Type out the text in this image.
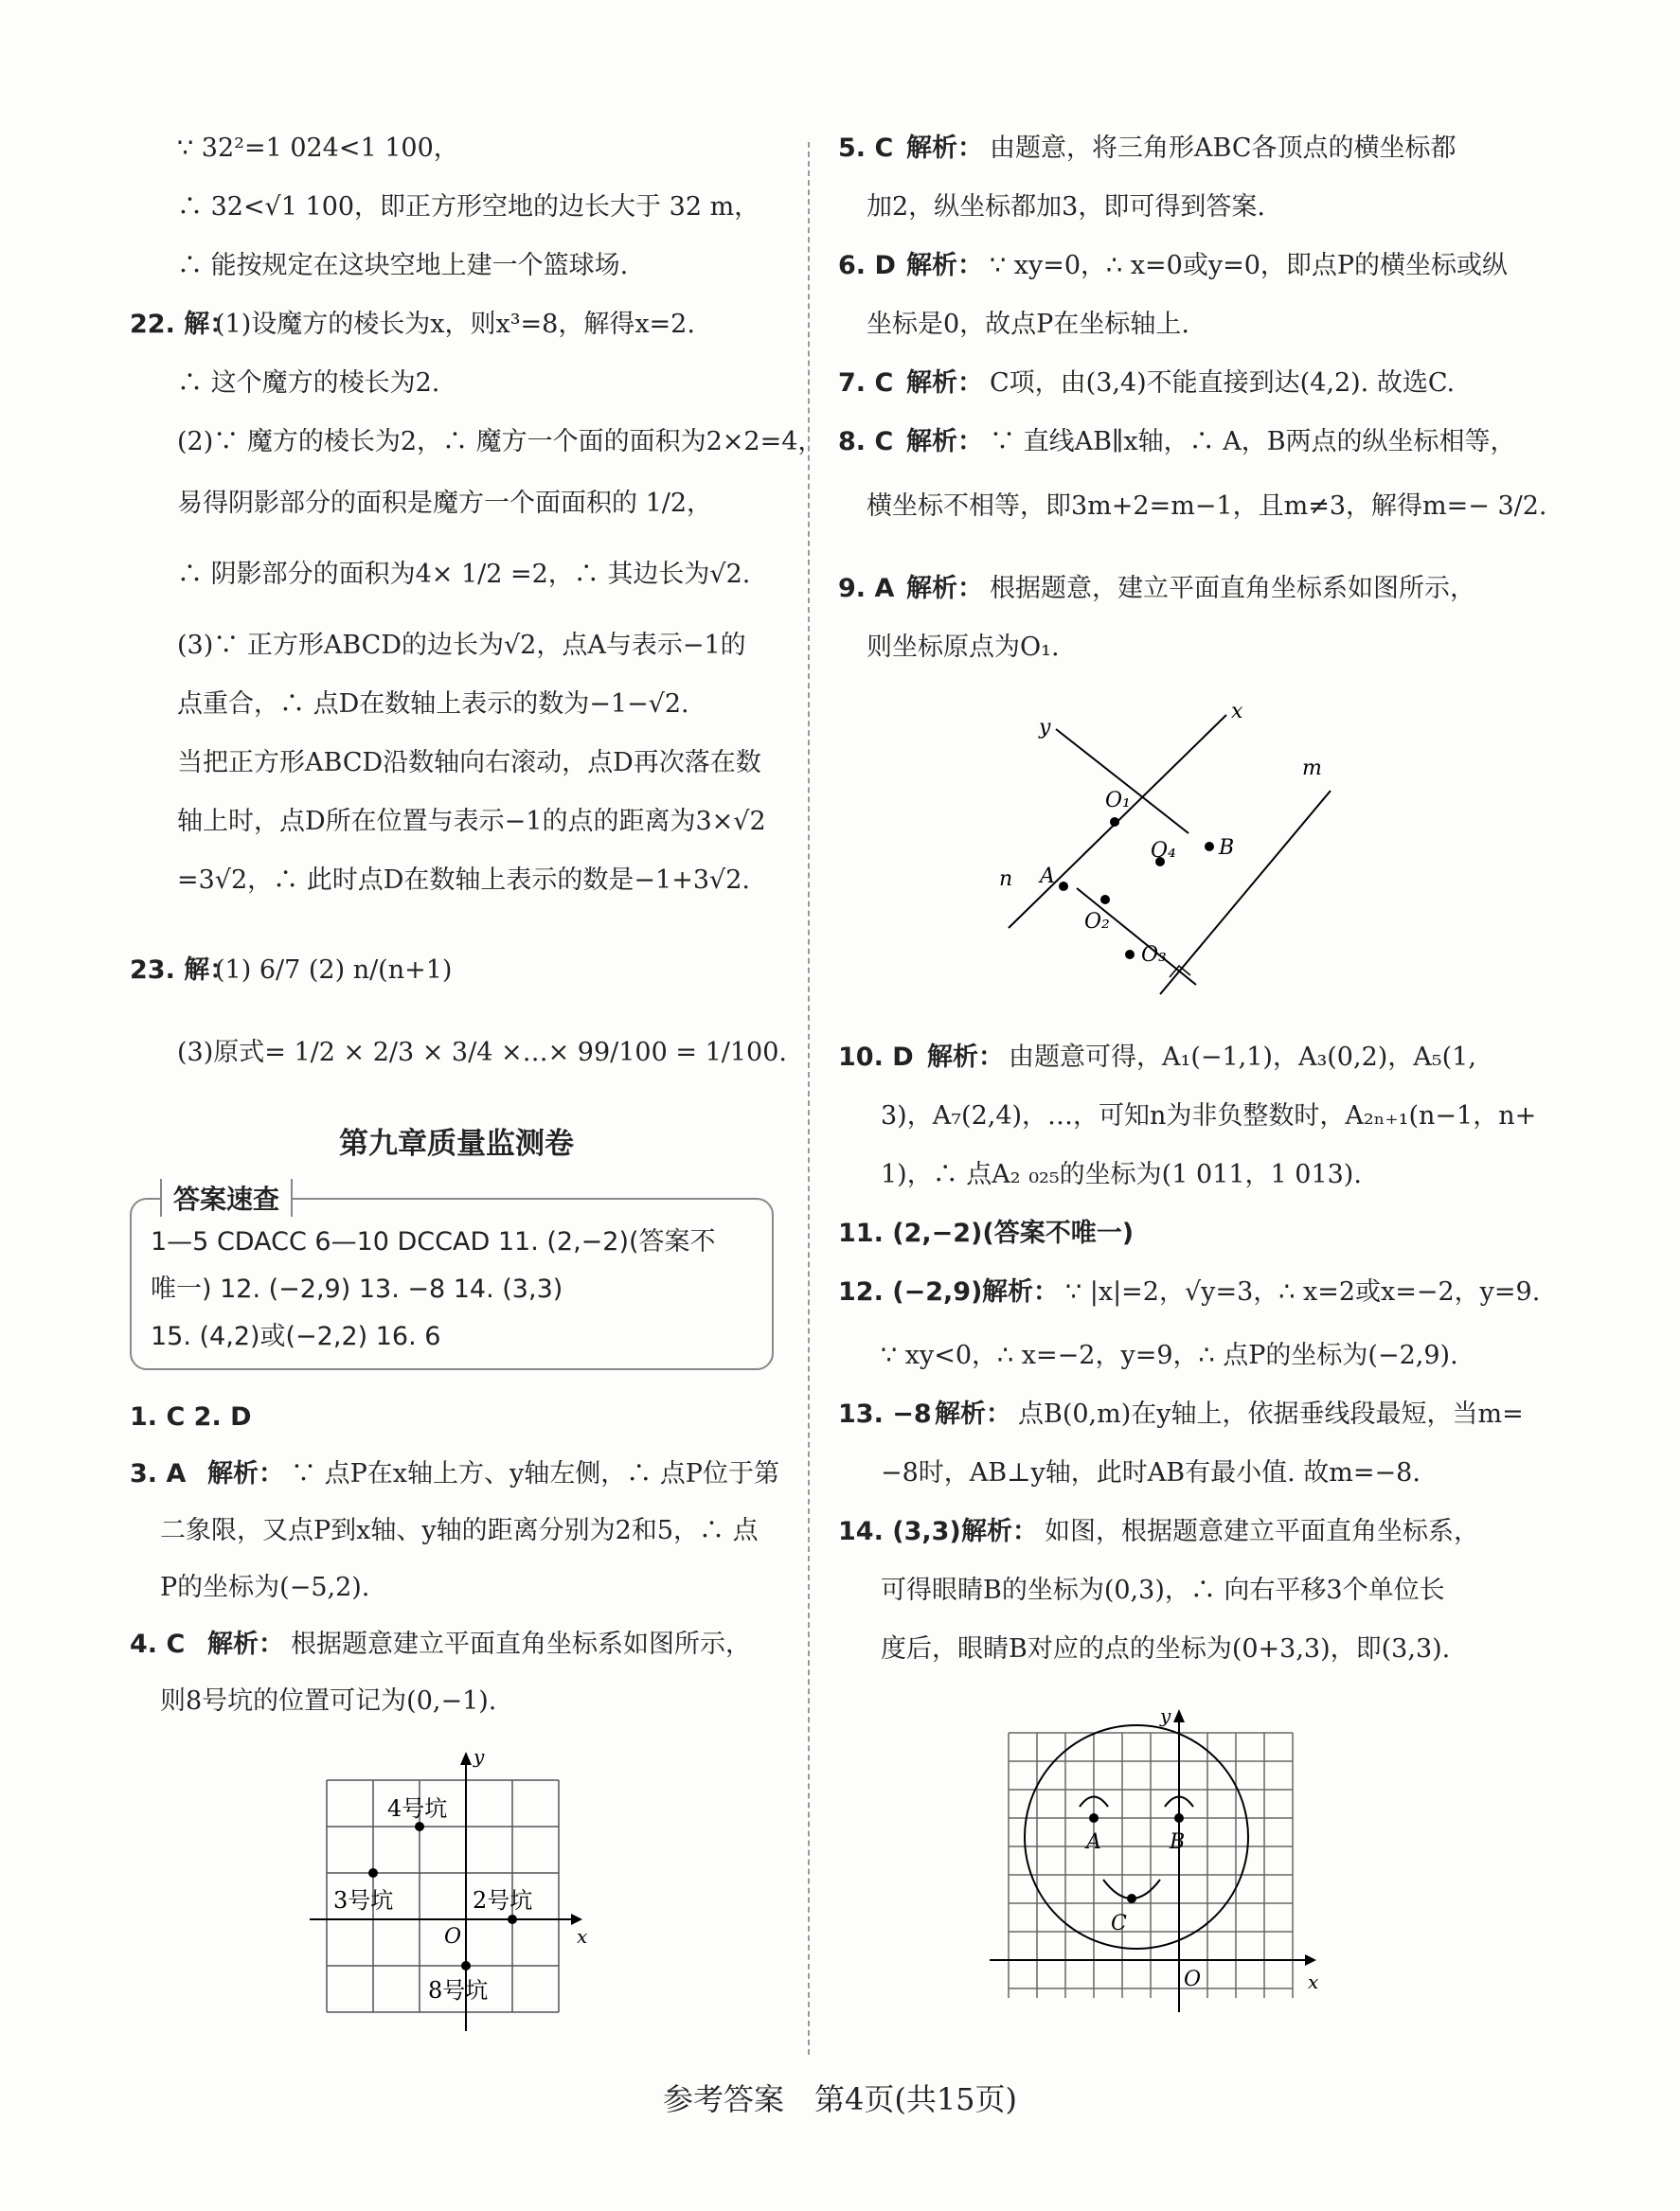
∵ 32²=1 024<1 100，
∴ 32<√1 100，即正方形空地的边长大于 32 m，
∴ 能按规定在这块空地上建一个篮球场.
22. 解：
(1)设魔方的棱长为x，则x³=8，解得x=2.
∴ 这个魔方的棱长为2.
(2)∵ 魔方的棱长为2，∴ 魔方一个面的面积为2×2=4，
易得阴影部分的面积是魔方一个面面积的 1/2，
∴ 阴影部分的面积为4× 1/2 =2，∴ 其边长为√2.
(3)∵ 正方形ABCD的边长为√2，点A与表示−1的
点重合，∴ 点D在数轴上表示的数为−1−√2.
当把正方形ABCD沿数轴向右滚动，点D再次落在数
轴上时，点D所在位置与表示−1的点的距离为3×√2
=3√2，∴ 此时点D在数轴上表示的数是−1+3√2.
23. 解：
(1) 6/7 (2) n/(n+1)
(3)原式= 1/2 × 2/3 × 3/4 ×…× 99/100 = 1/100.
第九章质量监测卷
答案速查
1—5 CDACC 6—10 DCCAD 11. (2,−2)(答案不
唯一) 12. (−2,9) 13. −8 14. (3,3)
15. (4,2)或(−2,2) 16. 6
1. C 2. D
3. A 解析： ∵ 点P在x轴上方、y轴左侧，∴ 点P位于第
二象限，又点P到x轴、y轴的距离分别为2和5，∴ 点
P的坐标为(−5,2).
4. C 解析： 根据题意建立平面直角坐标系如图所示，
则8号坑的位置可记为(0,−1).
x
y
O
4号坑
3号坑	2号坑
8号坑
5. C 解析： 由题意，将三角形ABC各顶点的横坐标都
加2，纵坐标都加3，即可得到答案.
6. D 解析： ∵ xy=0，∴ x=0或y=0，即点P的横坐标或纵
坐标是0，故点P在坐标轴上.
7. C 解析： C项，由(3,4)不能直接到达(4,2). 故选C.
8. C 解析： ∵ 直线AB∥x轴，∴ A，B两点的纵坐标相等，
横坐标不相等，即3m+2=m−1，且m≠3，解得m=− 3/2.
9. A 解析： 根据题意，建立平面直角坐标系如图所示，
则坐标原点为O₁.
x
y
O₁
O₂
O₃
O₄
A
B
m
n
10. D 解析： 由题意可得，A₁(−1,1)，A₃(0,2)，A₅(1,
3)，A₇(2,4)，…，可知n为非负整数时，A₂ₙ₊₁(n−1，n+
1)，∴ 点A₂ ₀₂₅的坐标为(1 011，1 013).
11. (2,−2)(答案不唯一)
12. (−2,9) 解析： ∵ |x|=2，√y=3，∴ x=2或x=−2，y=9.
∵ xy<0，∴ x=−2，y=9，∴ 点P的坐标为(−2,9).
13. −8 解析： 点B(0,m)在y轴上，依据垂线段最短，当m=
−8时，AB⊥y轴，此时AB有最小值. 故m=−8.
14. (3,3) 解析： 如图，根据题意建立平面直角坐标系，
可得眼睛B的坐标为(0,3)，∴ 向右平移3个单位长
度后，眼睛B对应的点的坐标为(0+3,3)，即(3,3).
x
y
O
A	B
C
参考答案　第4页(共15页)
